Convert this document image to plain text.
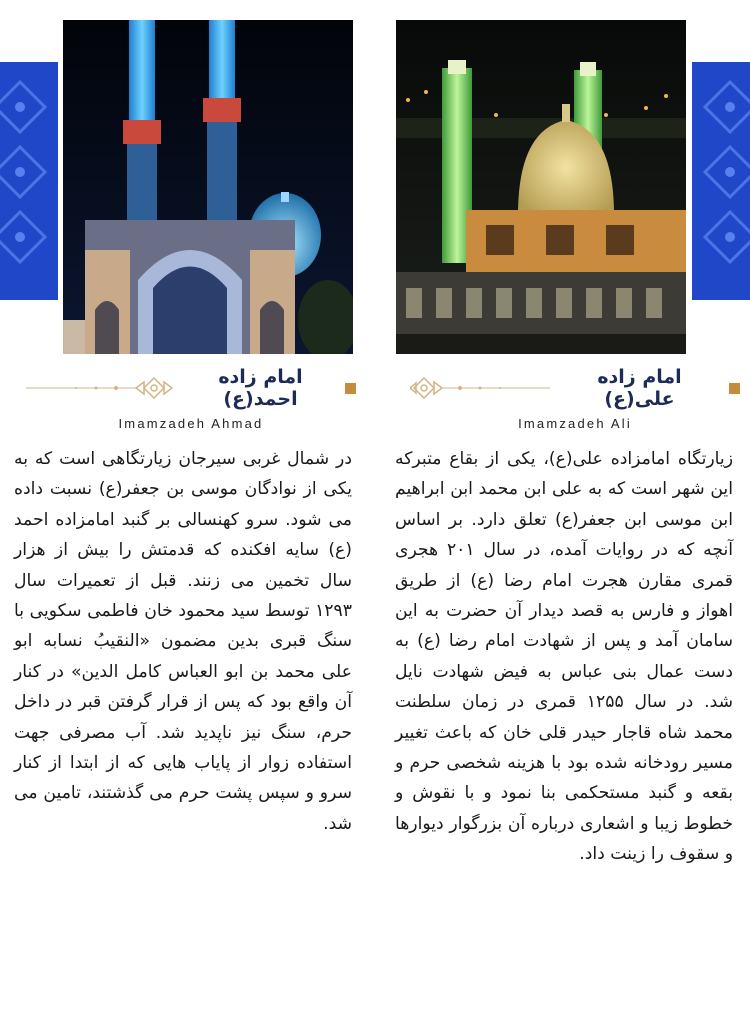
امام زاده احمد(ع)
Imamzadeh Ahmad
امام زاده علی(ع)
Imamzadeh Ali
در شمال غربی سیرجان زیارتگاهی است که به یکی از نوادگان موسی بن جعفر(ع) نسبت داده می شود. سرو کهنسالی بر گنبد امامزاده احمد (ع) سایه افکنده که قدمتش را بیش از هزار سال تخمین می زنند. قبل از تعمیرات سال ۱۲۹۳ توسط سید محمود خان فاطمی سکویی با سنگ قبری بدین مضمون «النقیبُ نسابه ابو علی محمد بن ابو العباس کامل الدین» در کنار آن واقع بود که پس از قرار گرفتن قبر در داخل حرم، سنگ نیز ناپدید شد. آب مصرفی جهت استفاده زوار از پایاب هایی که از ابتدا از کنار سرو و سپس پشت حرم می گذشتند، تامین می شد.
زیارتگاه امامزاده علی(ع)، یکی از بقاع متبرکه این شهر است که به علی ابن محمد ابن ابراهیم ابن موسی ابن جعفر(ع) تعلق دارد. بر اساس آنچه که در روایات آمده، در سال ۲۰۱ هجری قمری مقارن هجرت امام رضا (ع) از طریق اهواز و فارس به قصد دیدار آن حضرت به این سامان آمد و پس از شهادت امام رضا (ع) به دست عمال بنی عباس به فیض شهادت نایل شد. در سال ۱۲۵۵ قمری در زمان سلطنت محمد شاه قاجار حیدر قلی خان که باعث تغییر مسیر رودخانه شده بود با هزینه شخصی حرم و بقعه و گنبد مستحکمی بنا نمود و با نقوش و خطوط زیبا و اشعاری درباره آن بزرگوار دیوارها و سقوف را زینت داد.
